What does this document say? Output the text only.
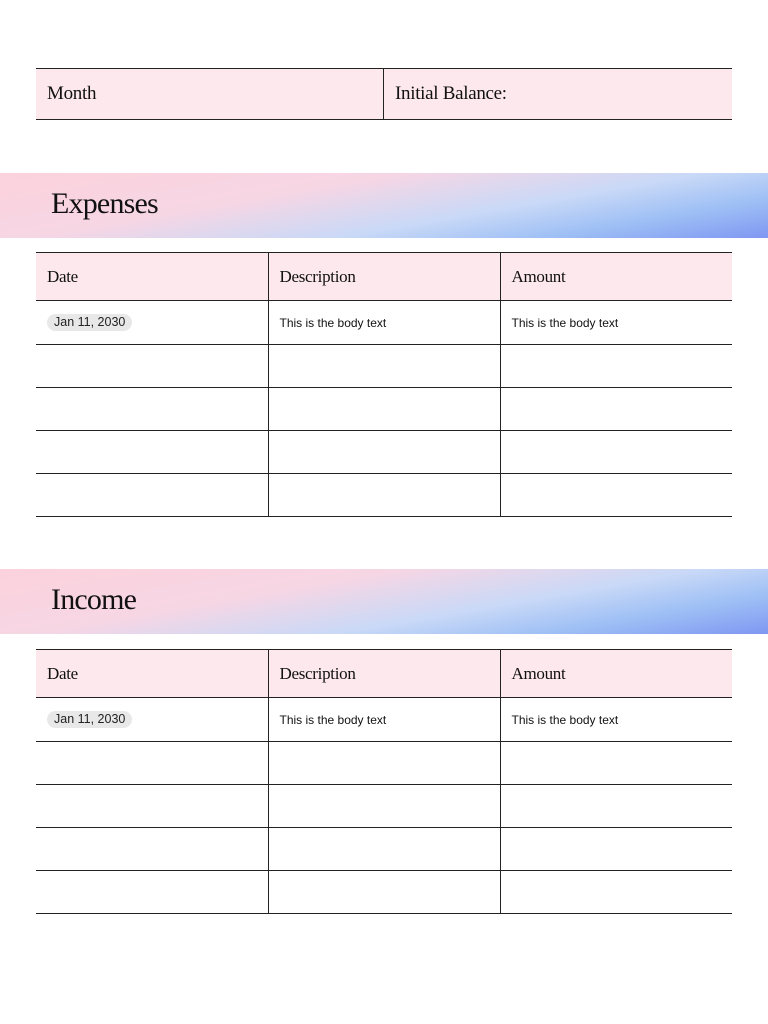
Month	Initial Balance:
Expenses
Date	Description	Amount
Jan 11, 2030	This is the body text	This is the body text

Income
Date	Description	Amount
Jan 11, 2030	This is the body text	This is the body text
